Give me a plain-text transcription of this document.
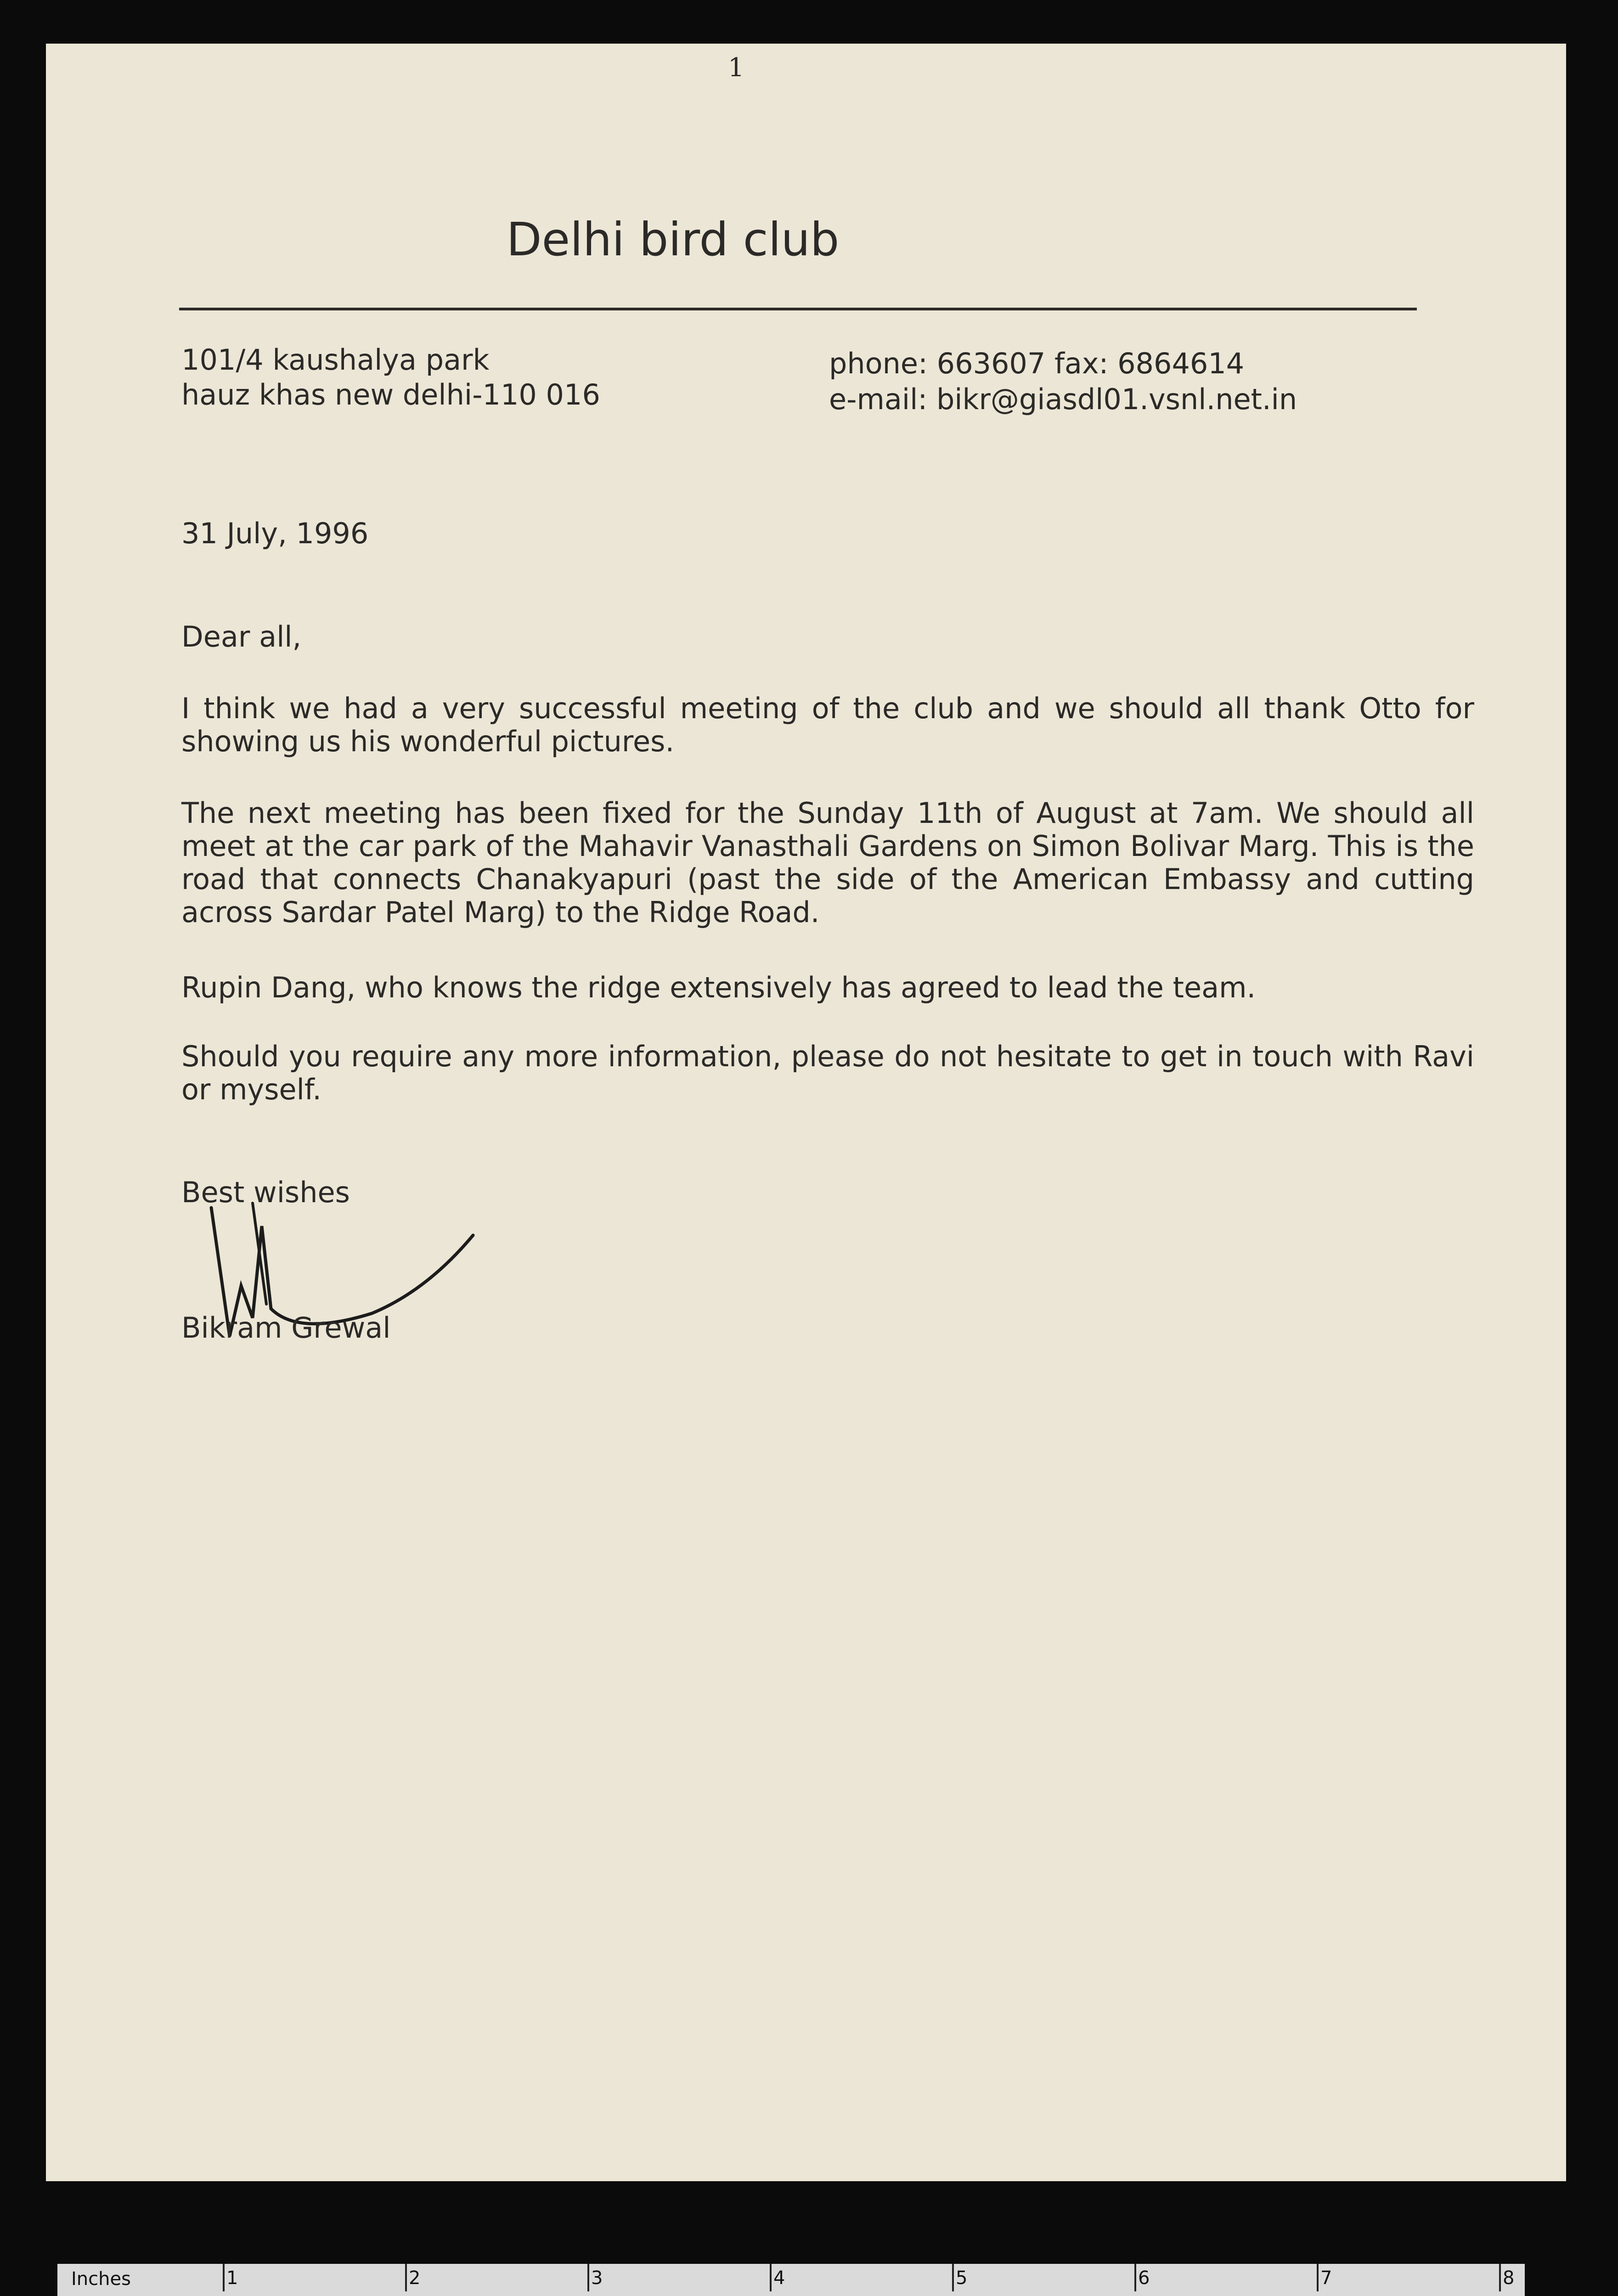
1
Delhi bird club
101/4 kaushalya park
hauz khas new delhi-110 016
phone: 663607 fax: 6864614
e-mail: bikr@giasdl01.vsnl.net.in
31 July, 1996
Dear all,
I think we had a very successful meeting of the club and we should all thank Otto for showing us his wonderful pictures.
The next meeting has been fixed for the Sunday 11th of August at 7am. We should all meet at the car park of the Mahavir Vanasthali Gardens on Simon Bolivar Marg. This is the road that connects Chanakyapuri (past the side of the American Embassy and cutting across Sardar Patel Marg) to the Ridge Road.
Rupin Dang, who knows the ridge extensively has agreed to lead the team.
Should you require any more information, please do not hesitate to get in touch with Ravi or myself.
Best wishes
Bikram Grewal
Inches	1	2	3	4	5	6	7	8
